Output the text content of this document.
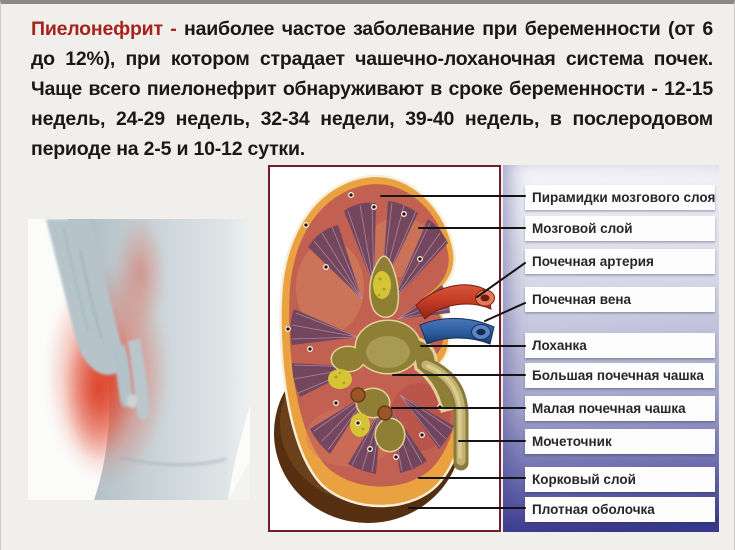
Пиелонефрит - наиболее частое заболевание при беременности (от 6 до 12%), при котором страдает чашечно-лоханочная система почек. Чаще всего пиелонефрит обнаруживают в сроке беременности - 12-15 недель, 24-29 недель, 32-34 недели, 39-40 недель, в послеродовом периоде на 2-5 и 10-12 сутки.
Пирамидки мозгового слоя
Мозговой слой
Почечная артерия
Почечная вена
Лоханка
Большая почечная чашка
Малая почечная чашка
Мочеточник
Корковый слой
Плотная оболочка
